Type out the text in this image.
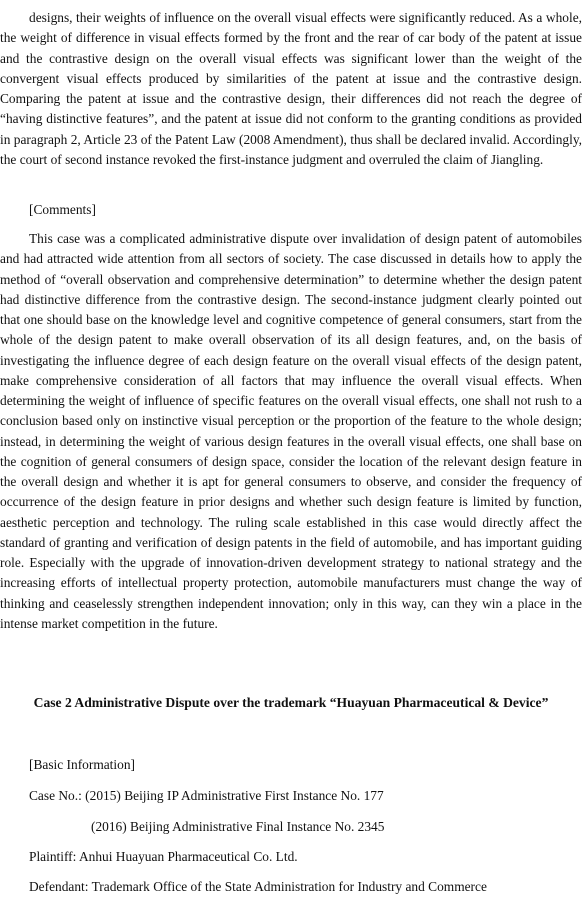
designs, their weights of influence on the overall visual effects were significantly reduced. As a whole, the weight of difference in visual effects formed by the front and the rear of car body of the patent at issue and the contrastive design on the overall visual effects was significant lower than the weight of the convergent visual effects produced by similarities of the patent at issue and the contrastive design. Comparing the patent at issue and the contrastive design, their differences did not reach the degree of “having distinctive features”, and the patent at issue did not conform to the granting conditions as provided in paragraph 2, Article 23 of the Patent Law (2008 Amendment), thus shall be declared invalid. Accordingly, the court of second instance revoked the first-instance judgment and overruled the claim of Jiangling.

[Comments]

This case was a complicated administrative dispute over invalidation of design patent of automobiles and had attracted wide attention from all sectors of society. The case discussed in details how to apply the method of “overall observation and comprehensive determination” to determine whether the design patent had distinctive difference from the contrastive design. The second-instance judgment clearly pointed out that one should base on the knowledge level and cognitive competence of general consumers, start from the whole of the design patent to make overall observation of its all design features, and, on the basis of investigating the influence degree of each design feature on the overall visual effects of the design patent, make comprehensive consideration of all factors that may influence the overall visual effects. When determining the weight of influence of specific features on the overall visual effects, one shall not rush to a conclusion based only on instinctive visual perception or the proportion of the feature to the whole design; instead, in determining the weight of various design features in the overall visual effects, one shall base on the cognition of general consumers of design space, consider the location of the relevant design feature in the overall design and whether it is apt for general consumers to observe, and consider the frequency of occurrence of the design feature in prior designs and whether such design feature is limited by function, aesthetic perception and technology. The ruling scale established in this case would directly affect the standard of granting and verification of design patents in the field of automobile, and has important guiding role. Especially with the upgrade of innovation-driven development strategy to national strategy and the increasing efforts of intellectual property protection, automobile manufacturers must change the way of thinking and ceaselessly strengthen independent innovation; only in this way, can they win a place in the intense market competition in the future.

Case 2 Administrative Dispute over the trademark “Huayuan Pharmaceutical & Device”

[Basic Information]

Case No.: (2015) Beijing IP Administrative First Instance No. 177

(2016) Beijing Administrative Final Instance No. 2345

Plaintiff: Anhui Huayuan Pharmaceutical Co. Ltd.

Defendant: Trademark Office of the State Administration for Industry and Commerce
